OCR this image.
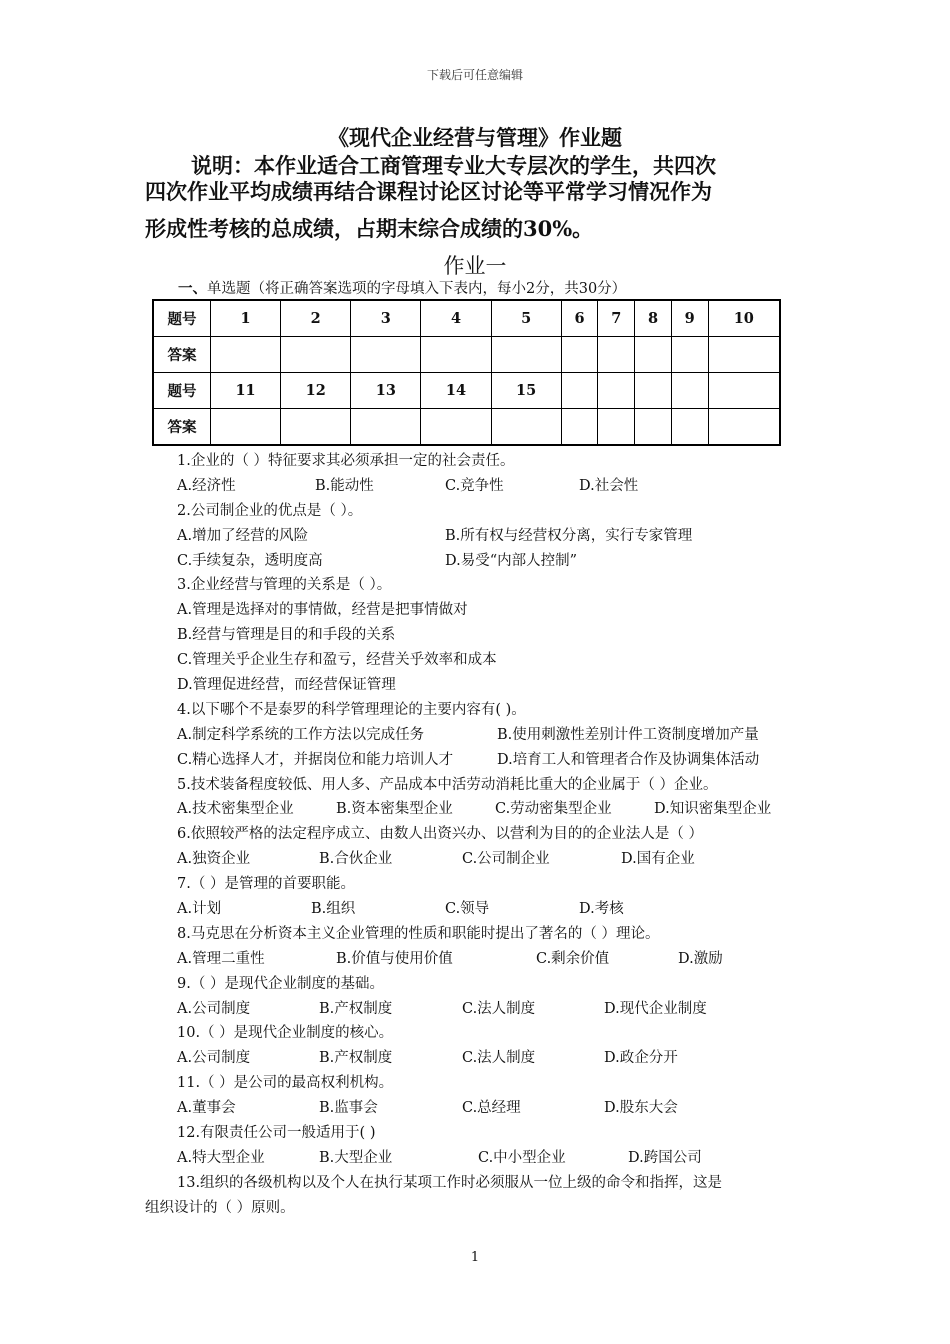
下载后可任意编辑
《现代企业经营与管理》作业题
说明：本作业适合工商管理专业大专层次的学生，共四次
四次作业平均成绩再结合课程讨论区讨论等平常学习情况作为
形成性考核的总成绩，占期末综合成绩的30%。
作业一
一、单选题（将正确答案选项的字母填入下表内，每小2分，共30分）
题号	1	2	3	4	5	6	7	8	9	10
答案										
题号	11	12	13	14	15					
答案										
1.企业的（ ）特征要求其必须承担一定的社会责任。
A.经济性	B.能动性	C.竞争性	D.社会性
2.公司制企业的优点是（ ）。
A.增加了经营的风险	B.所有权与经营权分离，实行专家管理
C.手续复杂，透明度高	D.易受“内部人控制”
3.企业经营与管理的关系是（ ）。
A.管理是选择对的事情做，经营是把事情做对
B.经营与管理是目的和手段的关系
C.管理关乎企业生存和盈亏，经营关乎效率和成本
D.管理促进经营，而经营保证管理
4.以下哪个不是泰罗的科学管理理论的主要内容有( )。
A.制定科学系统的工作方法以完成任务	B.使用刺激性差别计件工资制度增加产量
C.精心选择人才，并据岗位和能力培训人才	D.培育工人和管理者合作及协调集体活动
5.技术装备程度较低、用人多、产品成本中活劳动消耗比重大的企业属于（ ）企业。
A.技术密集型企业	B.资本密集型企业	C.劳动密集型企业	D.知识密集型企业
6.依照较严格的法定程序成立、由数人出资兴办、以营利为目的的企业法人是（ ）
A.独资企业	B.合伙企业	C.公司制企业	D.国有企业
7.（ ）是管理的首要职能。
A.计划	B.组织	C.领导	D.考核
8.马克思在分析资本主义企业管理的性质和职能时提出了著名的（ ）理论。
A.管理二重性	B.价值与使用价值	C.剩余价值	D.激励
9.（ ）是现代企业制度的基础。
A.公司制度	B.产权制度	C.法人制度	D.现代企业制度
10.（ ）是现代企业制度的核心。
A.公司制度	B.产权制度	C.法人制度	D.政企分开
11.（ ）是公司的最高权利机构。
A.董事会	B.监事会	C.总经理	D.股东大会
12.有限责任公司一般适用于( )
A.特大型企业	B.大型企业	C.中小型企业	D.跨国公司
13.组织的各级机构以及个人在执行某项工作时必须服从一位上级的命令和指挥，这是
组织设计的（ ）原则。
1
